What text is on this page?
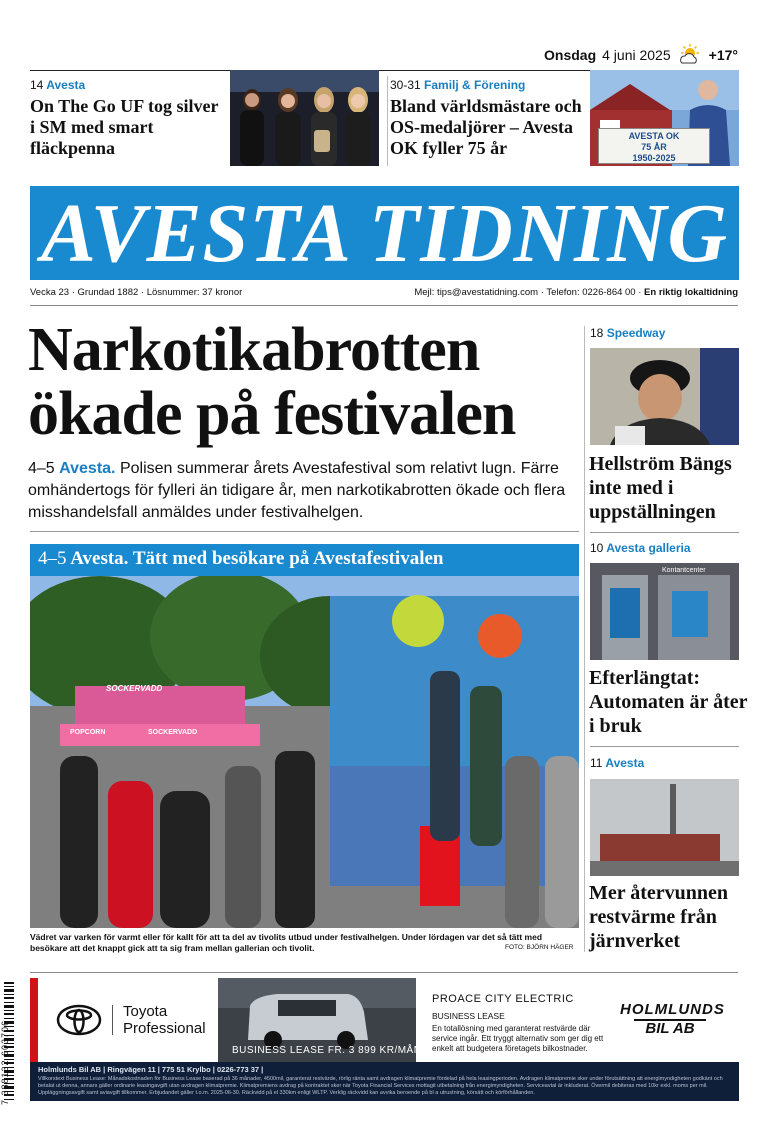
Onsdag 4 juni 2025	+17°
14 Avesta
On The Go UF tog silver i SM med smart fläckpenna
30-31 Familj & Förening
Bland världsmästare och OS-medaljörer – Avesta OK fyller 75 år
AVESTA OK
75 ÅR
1950-2025
AVESTA TIDNING
Vecka 23 · Grundad 1882 · Lösnummer: 37 kronor	Mejl: tips@avestatidning.com · Telefon: 0226-864 00 · En riktig lokaltidning
Narkotikabrotten ökade på festivalen

4–5 Avesta. Polisen summerar årets Avestafestival som relativt lugn. Färre omhändertogs för fylleri än tidigare år, men narkotikabrotten ökade och flera misshandelsfall anmäldes under festivalhelgen.

4–5 Avesta. Tätt med besökare på Avestafestivalen
SOCKERVADD
POPCORN	SOCKERVADD

Vädret var varken för varmt eller för kallt för att ta del av tivolits utbud under festivalhelgen. Under lördagen var det så tätt med besökare att det knappt gick att ta sig fram mellan gallerian och tivolit.	FOTO: BJÖRN HÄGER
18 Speedway
Hellström Bängs inte med i uppställningen
10 Avesta galleria
Kontantcenter
Efterlängtat: Automaten är åter i bruk
11 Avesta
Mer återvunnen restvärme från järnverket
Toyota
Professional
BUSINESS LEASE FR. 3 899 KR/MÅN
PROACE CITY ELECTRIC
BUSINESS LEASE
En totallösning med garanterat restvärde där service ingår. Ett tryggt alternativ som ger dig ett enkelt att budgetera företagets bilkostnader.
HOLMLUNDS
BIL AB
Holmlunds Bil AB | Ringvägen 11 | 775 51 Krylbo | 0226-773 37 |
Villkorstext Business Lease: Månadskostnaden för Business Lease baserad på 36 månader, 4500mil, garanterat restvärde, rörlig ränta samt avdragen klimatpremie fördelad på hela leasingperioden. Avdragen klimatpremie sker under förutsättning att energimyndigheten godkänt och betalat ut denna, annars gäller ordinarie leasingavgift utan avdragen klimatpremie. Klimatpremiens avdrag på kontraktet sker när Toyota Financial Services mottagit utbetalning från energimyndigheten. Serviceavtal är inkluderat. Övermil debiteras med 10kr exkl. moms per mil. Uppläggningsavgift samt aviavgift tillkommer. Erbjudandet gäller t.o.m. 2025-06-30. Räckvidd på el 330km enligt WLTP. Verklig räckvidd kan avvika beroende på bl a utrustning, körsätt och körförhållanden.
7 388132 603706
